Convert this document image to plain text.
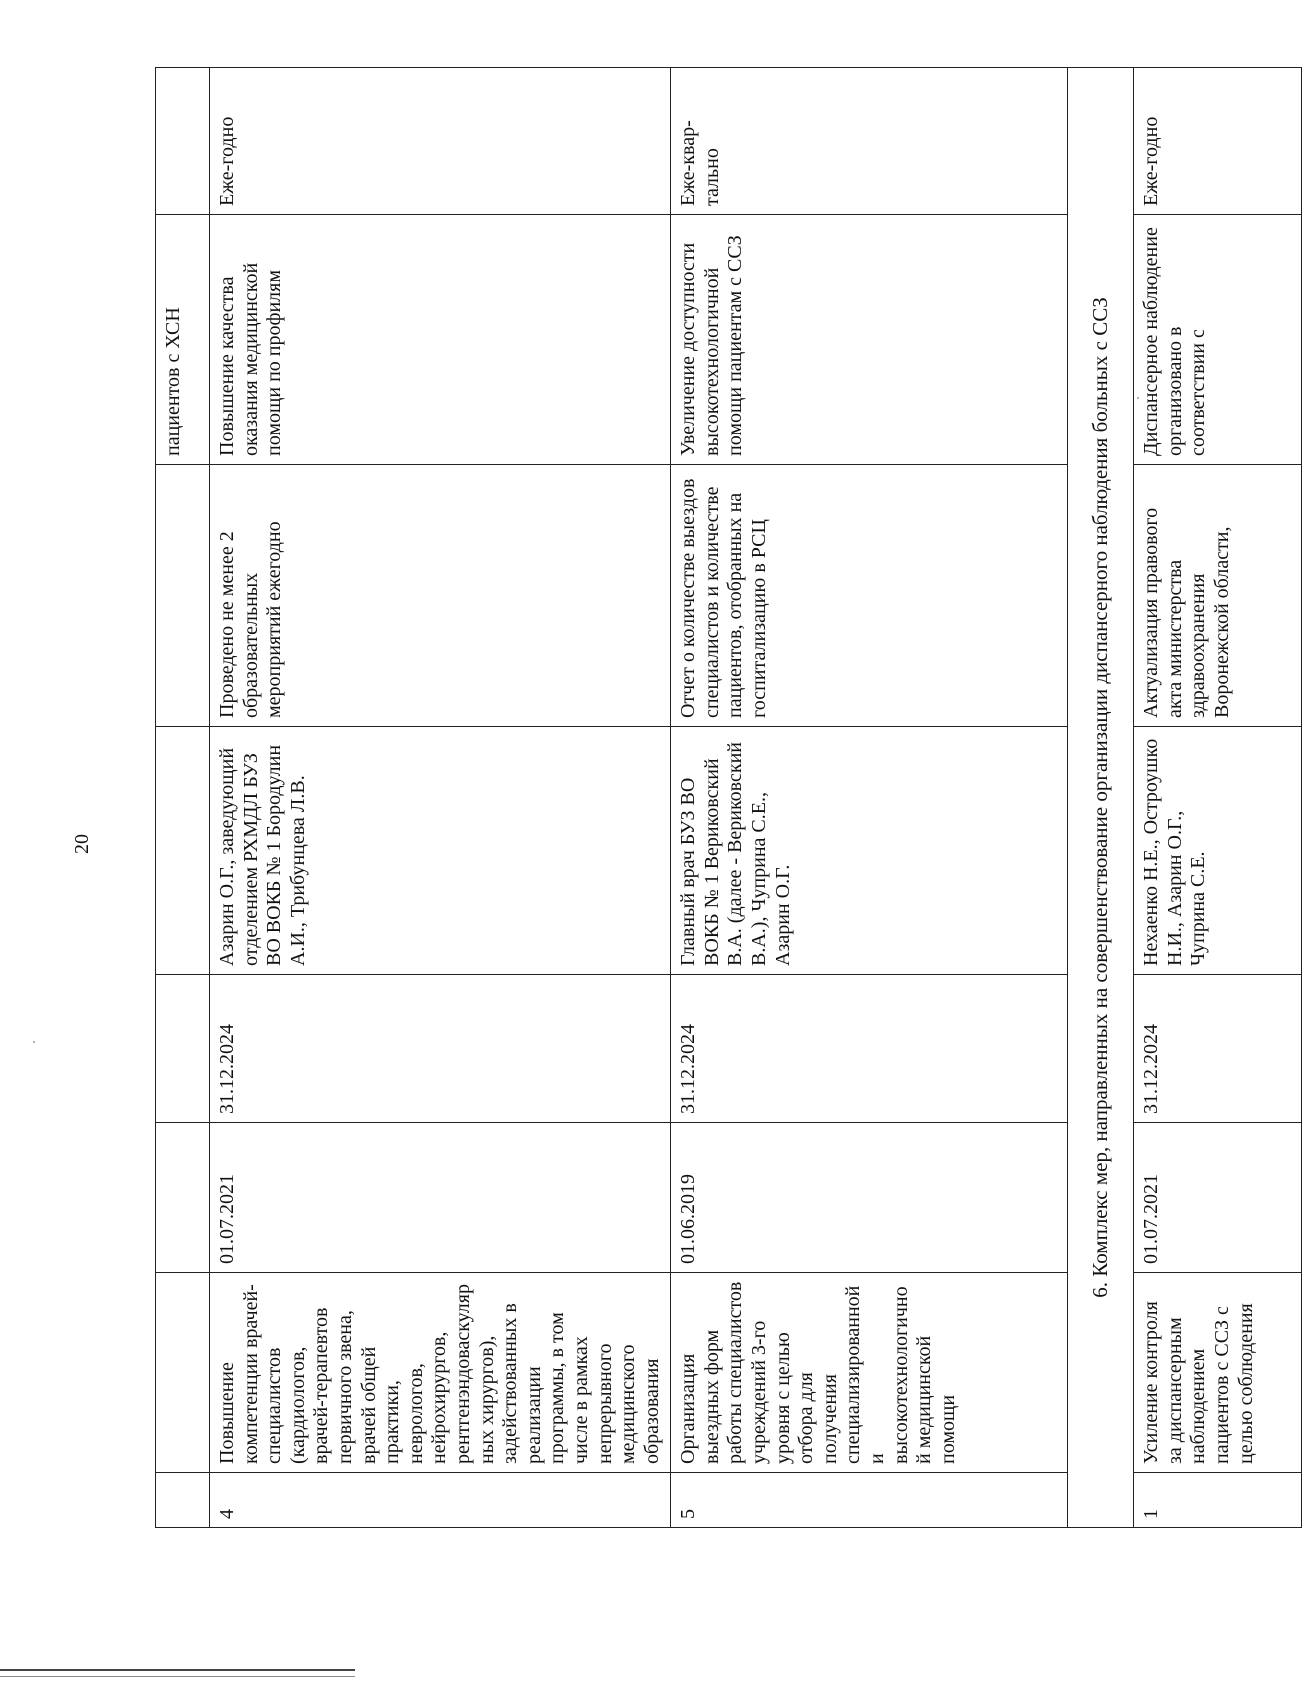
20
						пациентов с ХСН	
4	Повышение компетенции врачей-специалистов (кардиологов, врачей-терапевтов первичного звена, врачей общей практики, неврологов, нейрохирургов, рентгенэндоваскулярных хирургов), задействованных в реализации программы, в том числе в рамках непрерывного медицинского образования	01.07.2021	31.12.2024	Азарин О.Г., заведующий отделением РХМДЛ БУЗ ВО ВОКБ № 1 Бородулин А.И., Трибунцева Л.В.	Проведено не менее 2 образовательных мероприятий ежегодно	Повышение качества оказания медицинской помощи по профилям	Еже-годно
5	Организация выездных форм работы специалистов учреждений 3-го уровня с целью отбора для получения специализированной и высокотехнологичной медицинской помощи	01.06.2019	31.12.2024	Главный врач БУЗ ВО ВОКБ № 1 Вериковский В.А. (далее - Вериковский В.А.), Чуприна С.Е., Азарин О.Г.	Отчет о количестве выездов специалистов и количестве пациентов, отобранных на госпитализацию в РСЦ	Увеличение доступности высокотехнологичной помощи пациентам с ССЗ	Еже-квар-тально
6. Комплекс мер, направленных на совершенствование организации диспансерного наблюдения больных с ССЗ							
1	Усиление контроля за диспансерным наблюдением пациентов с ССЗ с целью соблюдения	01.07.2021	31.12.2024	Нехаенко Н.Е., Остроушко Н.И., Азарин О.Г., Чуприна С.Е.	Актуализация правового акта министерства здравоохранения Воронежской области,	Диспансерное наблюдение организовано в соответствии с	Еже-годно
